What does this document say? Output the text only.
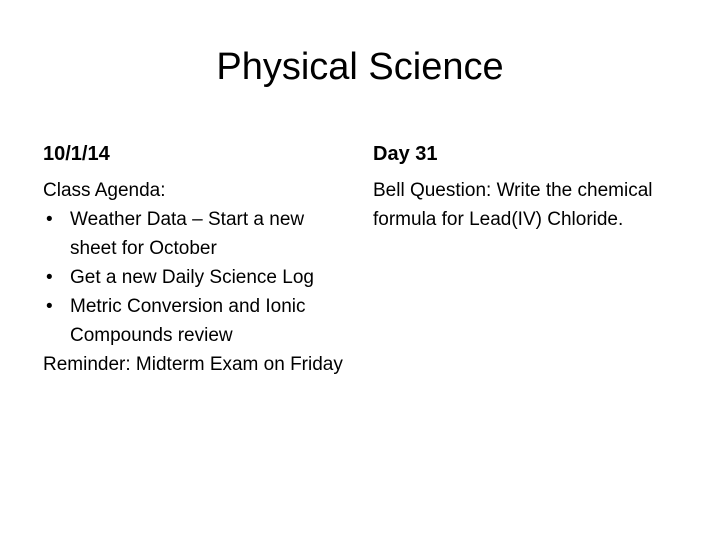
Physical Science
10/1/14	Day 31
Class Agenda:
• Weather Data – Start a new sheet for October
• Get a new Daily Science Log
• Metric Conversion and Ionic Compounds review
Reminder: Midterm Exam on Friday
Bell Question: Write the chemical formula for Lead(IV) Chloride.
